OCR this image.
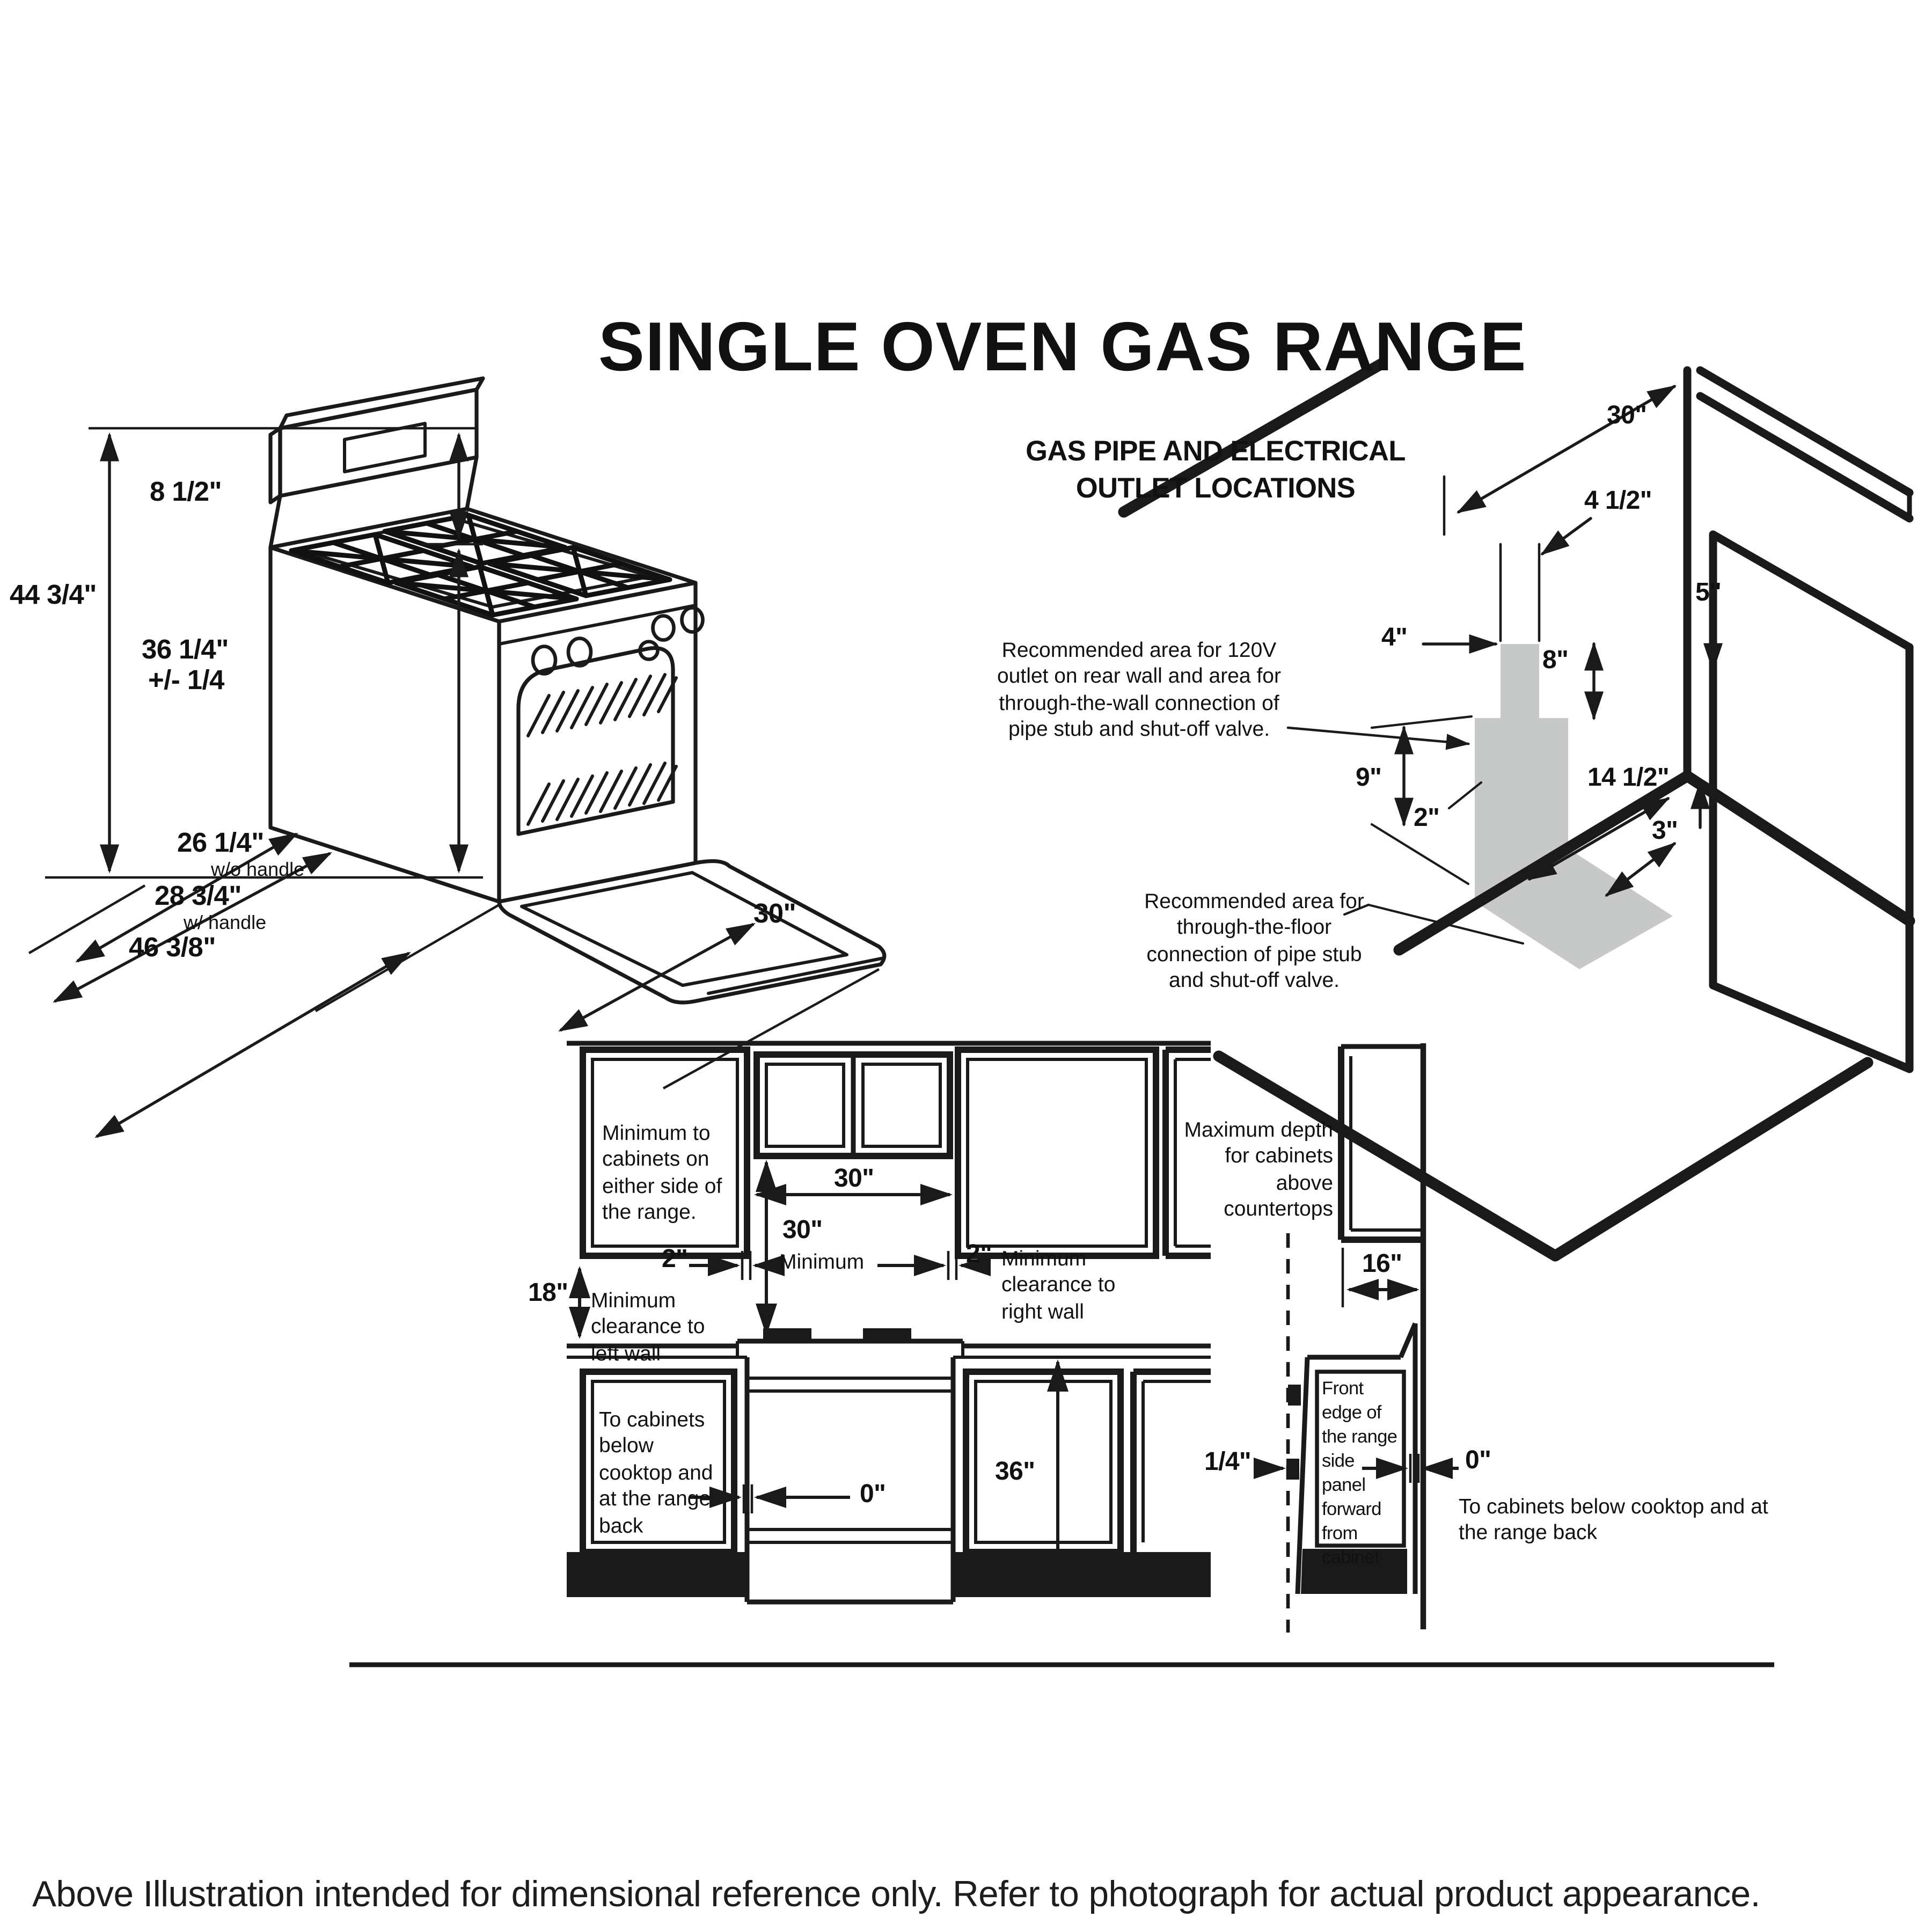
SINGLE OVEN GAS RANGE
8 1/2"
44 3/4"
36 1/4"
+/- 1/4
26 1/4"
w/o handle
28 3/4"
w/ handle
46 3/8"
30"
GAS PIPE AND ELECTRICAL
OUTLET LOCATIONS
Recommended area for 120V outlet on rear wall and area for through-the-wall connection of pipe stub and shut-off valve.
Recommended area for through-the-floor connection of pipe stub and shut-off valve.
30"
4 1/2"
5"
4"
8"
9"
2"
14 1/2"
3"
Minimum to cabinets on either side of the range.
30"
30"
Minimum
2"	2" Minimum clearance to right wall
18"	Minimum clearance to left wall
To cabinets below cooktop and at the range back
0"
36"
Maximum depth for cabinets above countertops
16"
Front edge of the range side panel forward from cabinet
1/4"	0"
To cabinets below cooktop and at the range back
Above Illustration intended for dimensional reference only. Refer to photograph for actual product appearance.
